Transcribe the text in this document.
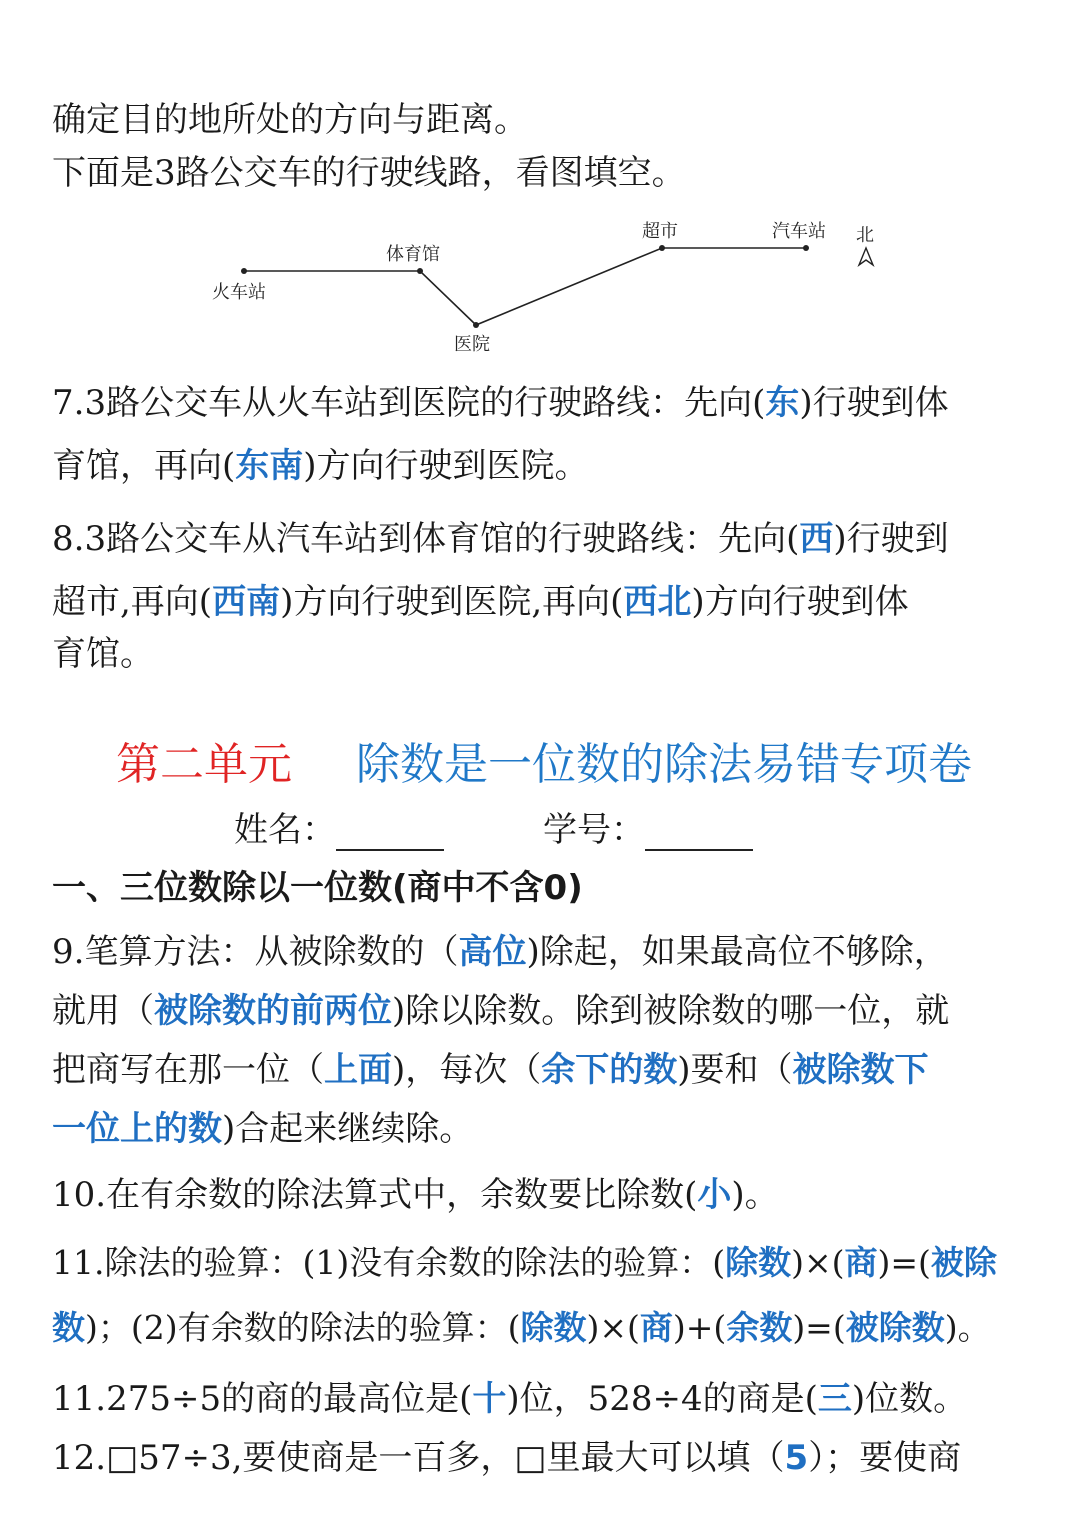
确定目的地所处的方向与距离。
下面是3路公交车的行驶线路，看图填空。
火车站
体育馆
医院
超市	汽车站 北
7.3路公交车从火车站到医院的行驶路线：先向(东)行驶到体
育馆，再向(东南)方向行驶到医院。
8.3路公交车从汽车站到体育馆的行驶路线：先向(西)行驶到
超市,再向(西南)方向行驶到医院,再向(西北)方向行驶到体
育馆。
第二单元 除数是一位数的除法易错专项卷
姓名：	学号：
一、三位数除以一位数(商中不含0)
9.笔算方法：从被除数的（高位)除起，如果最高位不够除，
就用（被除数的前两位)除以除数。除到被除数的哪一位，就
把商写在那一位（上面)，每次（余下的数)要和（被除数下
一位上的数)合起来继续除。
10.在有余数的除法算式中，余数要比除数(小)。
11.除法的验算：(1)没有余数的除法的验算：(除数)×(商)=(被除
数)；(2)有余数的除法的验算：(除数)×(商)+(余数)=(被除数)。
11.275÷5的商的最高位是(十)位，528÷4的商是(三)位数。
12.□57÷3,要使商是一百多，□里最大可以填（5）；要使商
